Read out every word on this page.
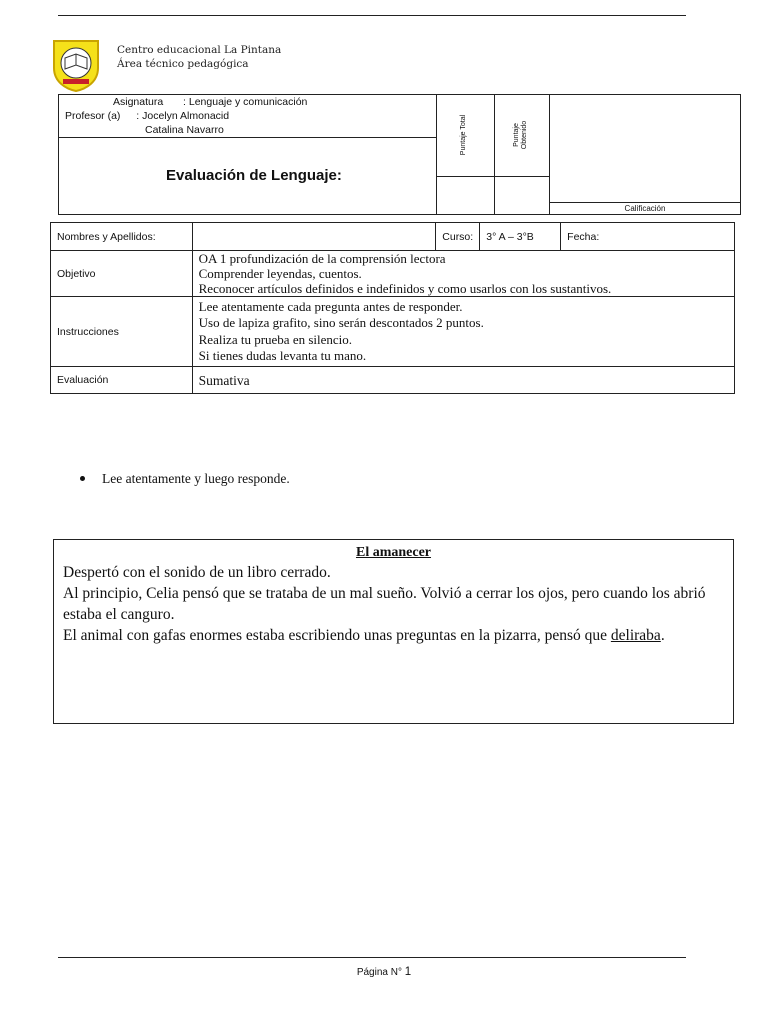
Centro educacional La Pintana
Área técnico pedagógica
Asignatura : Lenguaje y comunicación
Profesor (a) : Jocelyn Almonacid
Catalina Navarro
Evaluación de Lenguaje:
Puntaje Total	Puntaje Obtenido
Calificación
Nombres y Apellidos:		Curso:	3° A – 3°B	Fecha:
Objetivo	OA 1 profundización de la comprensión lectora
Comprender leyendas, cuentos.
Reconocer artículos definidos e indefinidos y como usarlos con los sustantivos.			

Instrucciones	Lee atentamente cada pregunta antes de responder.
Uso de lapiza grafito, sino serán descontados 2 puntos.
Realiza tu prueba en silencio.
Si tienes dudas levanta tu mano.			

Evaluación	Sumativa			
Lee atentamente y luego responde.
El amanecer

Despertó con el sonido de un libro cerrado.

Al principio, Celia pensó que se trataba de un mal sueño. Volvió a cerrar los ojos, pero cuando los abrió estaba el canguro.

El animal con gafas enormes estaba escribiendo unas preguntas en la pizarra, pensó que deliraba.

Página N° 1
